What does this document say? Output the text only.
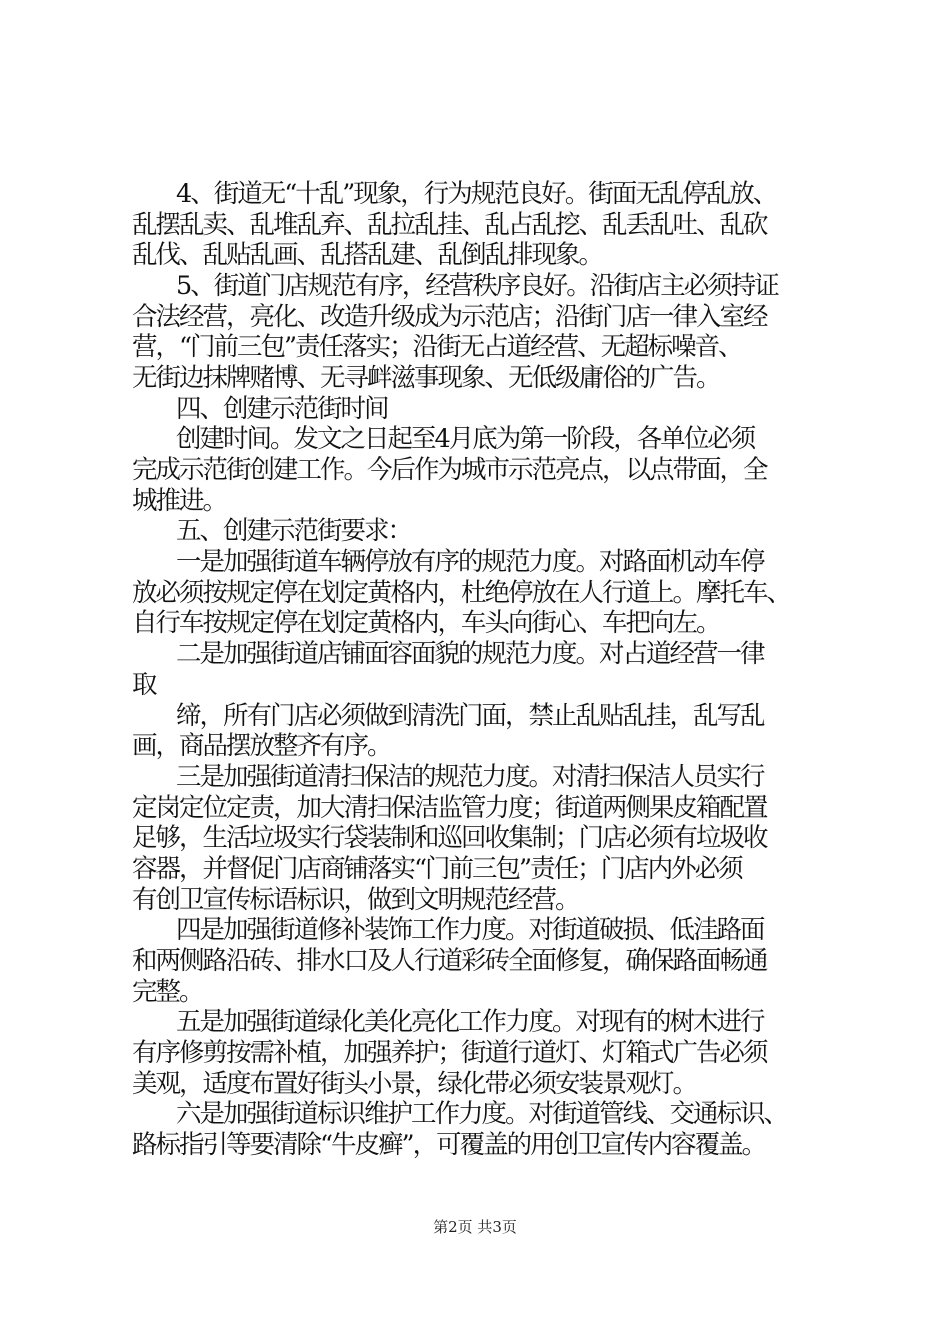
4、街道无“十乱”现象，行为规范良好。街面无乱停乱放、
乱摆乱卖、乱堆乱弃、乱拉乱挂、乱占乱挖、乱丢乱吐、乱砍
乱伐、乱贴乱画、乱搭乱建、乱倒乱排现象。
5、街道门店规范有序，经营秩序良好。沿街店主必须持证
合法经营，亮化、改造升级成为示范店；沿街门店一律入室经
营，“门前三包”责任落实；沿街无占道经营、无超标噪音、
无街边抹牌赌博、无寻衅滋事现象、无低级庸俗的广告。
四、创建示范街时间
创建时间。发文之日起至4月底为第一阶段，各单位必须
完成示范街创建工作。今后作为城市示范亮点，以点带面，全
城推进。
五、创建示范街要求：
一是加强街道车辆停放有序的规范力度。对路面机动车停
放必须按规定停在划定黄格内，杜绝停放在人行道上。摩托车、
自行车按规定停在划定黄格内，车头向街心、车把向左。
二是加强街道店铺面容面貌的规范力度。对占道经营一律
取
缔，所有门店必须做到清洗门面，禁止乱贴乱挂，乱写乱
画，商品摆放整齐有序。
三是加强街道清扫保洁的规范力度。对清扫保洁人员实行
定岗定位定责，加大清扫保洁监管力度；街道两侧果皮箱配置
足够，生活垃圾实行袋装制和巡回收集制；门店必须有垃圾收
容器，并督促门店商铺落实“门前三包”责任；门店内外必须
有创卫宣传标语标识，做到文明规范经营。
四是加强街道修补装饰工作力度。对街道破损、低洼路面
和两侧路沿砖、排水口及人行道彩砖全面修复，确保路面畅通
完整。
五是加强街道绿化美化亮化工作力度。对现有的树木进行
有序修剪按需补植，加强养护；街道行道灯、灯箱式广告必须
美观，适度布置好街头小景，绿化带必须安装景观灯。
六是加强街道标识维护工作力度。对街道管线、交通标识、
路标指引等要清除“牛皮癣”，可覆盖的用创卫宣传内容覆盖。
第2页 共3页
